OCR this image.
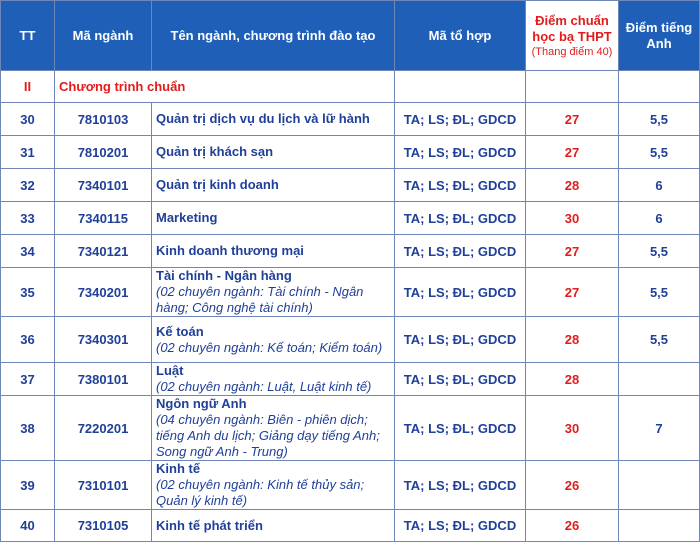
TT	Mã ngành	Tên ngành, chương trình đào tạo	Mã tổ hợp	Điểm chuẩn
học bạ THPT
(Thang điểm 40)	Điểm tiếng
Anh
II	Chương trình chuẩn				
30	7810103	Quản trị dịch vụ du lịch và lữ hành	TA; LS; ĐL; GDCD	27	5,5
31	7810201	Quản trị khách sạn	TA; LS; ĐL; GDCD	27	5,5
32	7340101	Quản trị kinh doanh	TA; LS; ĐL; GDCD	28	6
33	7340115	Marketing	TA; LS; ĐL; GDCD	30	6
34	7340121	Kinh doanh thương mại	TA; LS; ĐL; GDCD	27	5,5
35	7340201	Tài chính - Ngân hàng
(02 chuyên ngành: Tài chính - Ngân hàng; Công nghệ tài chính)	TA; LS; ĐL; GDCD	27	5,5
36	7340301	Kế toán
(02 chuyên ngành: Kế toán; Kiểm toán)	TA; LS; ĐL; GDCD	28	5,5
37	7380101	Luật
(02 chuyên ngành: Luật, Luật kinh tế)	TA; LS; ĐL; GDCD	28	
38	7220201	Ngôn ngữ Anh
(04 chuyên ngành: Biên - phiên dịch; tiếng Anh du lịch; Giảng dạy tiếng Anh; Song ngữ Anh - Trung)	TA; LS; ĐL; GDCD	30	7
39	7310101	Kinh tế
(02 chuyên ngành: Kinh tế thủy sản; Quản lý kinh tế)	TA; LS; ĐL; GDCD	26	
40	7310105	Kinh tế phát triển	TA; LS; ĐL; GDCD	26	
